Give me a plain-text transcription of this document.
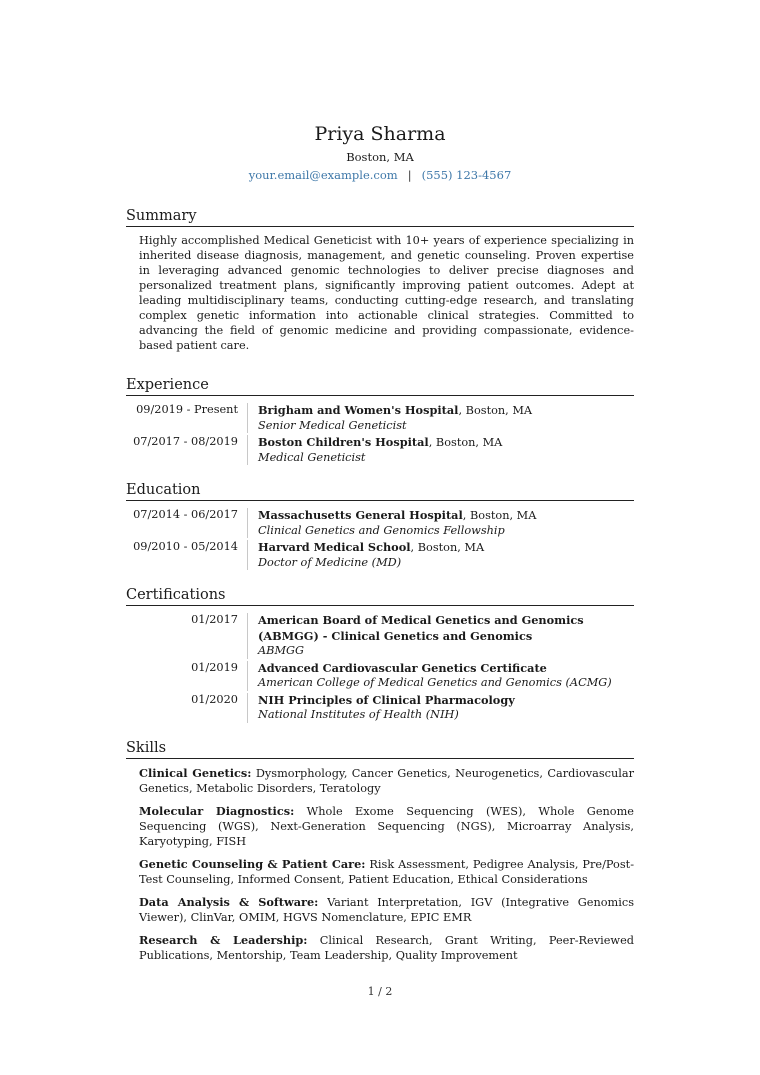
Priya Sharma
Boston, MA
your.email@example.com | (555) 123-4567
Summary
Highly accomplished Medical Geneticist with 10+ years of experience specializing in inherited disease diagnosis, management, and genetic counseling. Proven expertise in leveraging advanced genomic technologies to deliver precise diagnoses and personalized treatment plans, significantly improving patient outcomes. Adept at leading multidisciplinary teams, conducting cutting-edge research, and translating complex genetic information into actionable clinical strategies. Committed to advancing the field of genomic medicine and providing compassionate, evidence-based patient care.
Experience
09/2019 - Present	Brigham and Women's Hospital, Boston, MA
Senior Medical Geneticist
07/2017 - 08/2019	Boston Children's Hospital, Boston, MA
Medical Geneticist
Education
07/2014 - 06/2017	Massachusetts General Hospital, Boston, MA
Clinical Genetics and Genomics Fellowship
09/2010 - 05/2014	Harvard Medical School, Boston, MA
Doctor of Medicine (MD)
Certifications
01/2017	American Board of Medical Genetics and Genomics (ABMGG) - Clinical Genetics and Genomics
ABMGG
01/2019	Advanced Cardiovascular Genetics Certificate
American College of Medical Genetics and Genomics (ACMG)
01/2020	NIH Principles of Clinical Pharmacology
National Institutes of Health (NIH)
Skills
Clinical Genetics: Dysmorphology, Cancer Genetics, Neurogenetics, Cardiovascular Genetics, Metabolic Disorders, Teratology
Molecular Diagnostics: Whole Exome Sequencing (WES), Whole Genome Sequencing (WGS), Next-Generation Sequencing (NGS), Microarray Analysis, Karyotyping, FISH
Genetic Counseling & Patient Care: Risk Assessment, Pedigree Analysis, Pre/Post-Test Counseling, Informed Consent, Patient Education, Ethical Considerations
Data Analysis & Software: Variant Interpretation, IGV (Integrative Genomics Viewer), ClinVar, OMIM, HGVS Nomenclature, EPIC EMR
Research & Leadership: Clinical Research, Grant Writing, Peer-Reviewed Publications, Mentorship, Team Leadership, Quality Improvement
1 / 2
